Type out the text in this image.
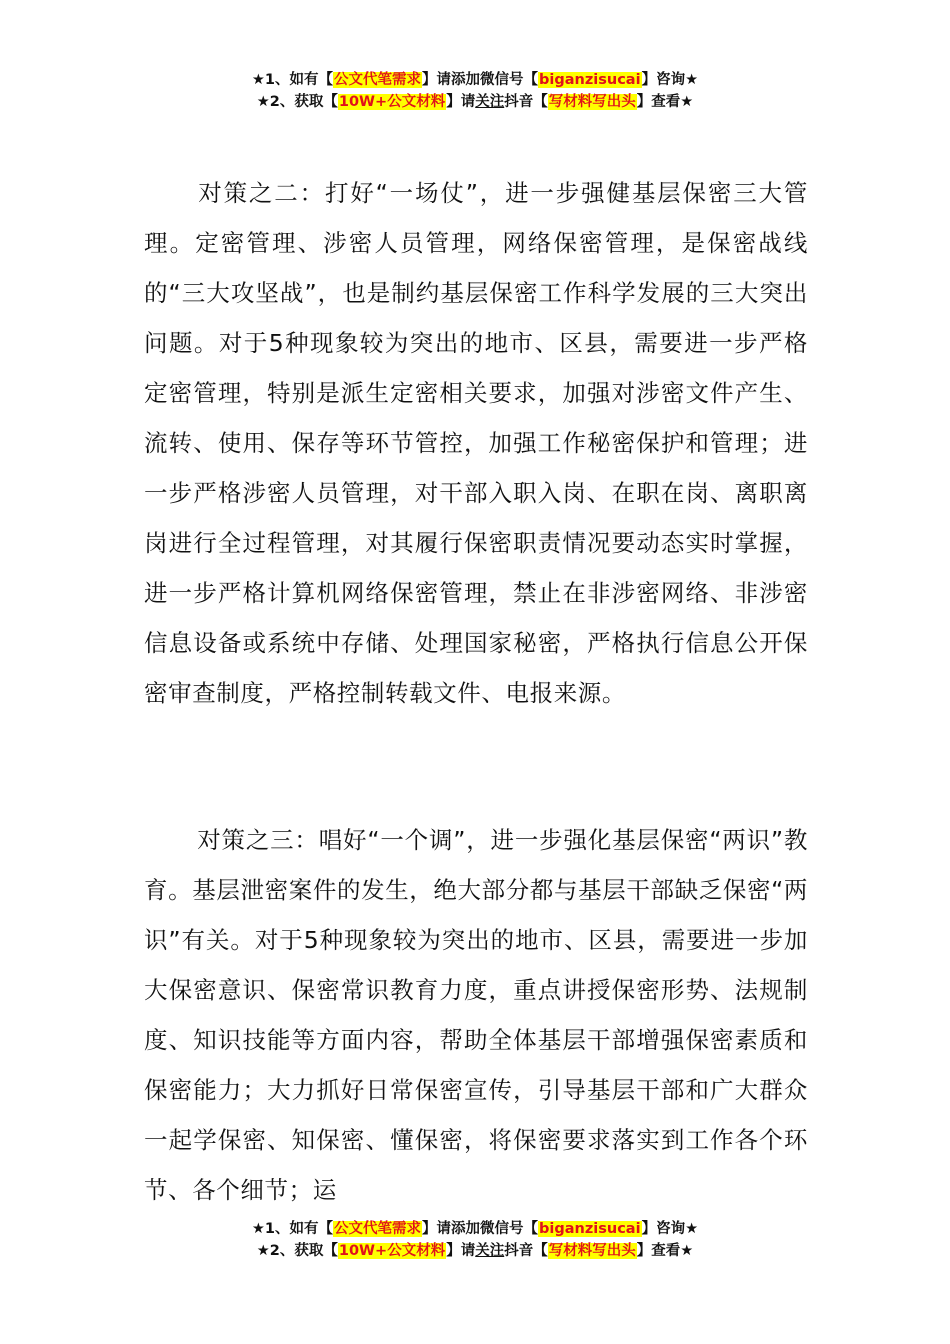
★1、如有【公文代笔需求】请添加微信号【biganzisucai】咨询★
★2、获取【10W+公文材料】请关注抖音【写材料写出头】查看★

对策之二：打好“一场仗”，进一步强健基层保密三大管理。定密管理、涉密人员管理，网络保密管理，是保密战线的“三大攻坚战”，也是制约基层保密工作科学发展的三大突出问题。对于5种现象较为突出的地市、区县，需要进一步严格定密管理，特别是派生定密相关要求，加强对涉密文件产生、流转、使用、保存等环节管控，加强工作秘密保护和管理；进一步严格涉密人员管理，对干部入职入岗、在职在岗、离职离岗进行全过程管理，对其履行保密职责情况要动态实时掌握，进一步严格计算机网络保密管理，禁止在非涉密网络、非涉密信息设备或系统中存储、处理国家秘密，严格执行信息公开保密审查制度，严格控制转载文件、电报来源。

对策之三：唱好“一个调”，进一步强化基层保密“两识”教育。基层泄密案件的发生，绝大部分都与基层干部缺乏保密“两识”有关。对于5种现象较为突出的地市、区县，需要进一步加大保密意识、保密常识教育力度，重点讲授保密形势、法规制度、知识技能等方面内容，帮助全体基层干部增强保密素质和保密能力；大力抓好日常保密宣传，引导基层干部和广大群众一起学保密、知保密、懂保密，将保密要求落实到工作各个环节、各个细节；运

★1、如有【公文代笔需求】请添加微信号【biganzisucai】咨询★
★2、获取【10W+公文材料】请关注抖音【写材料写出头】查看★
